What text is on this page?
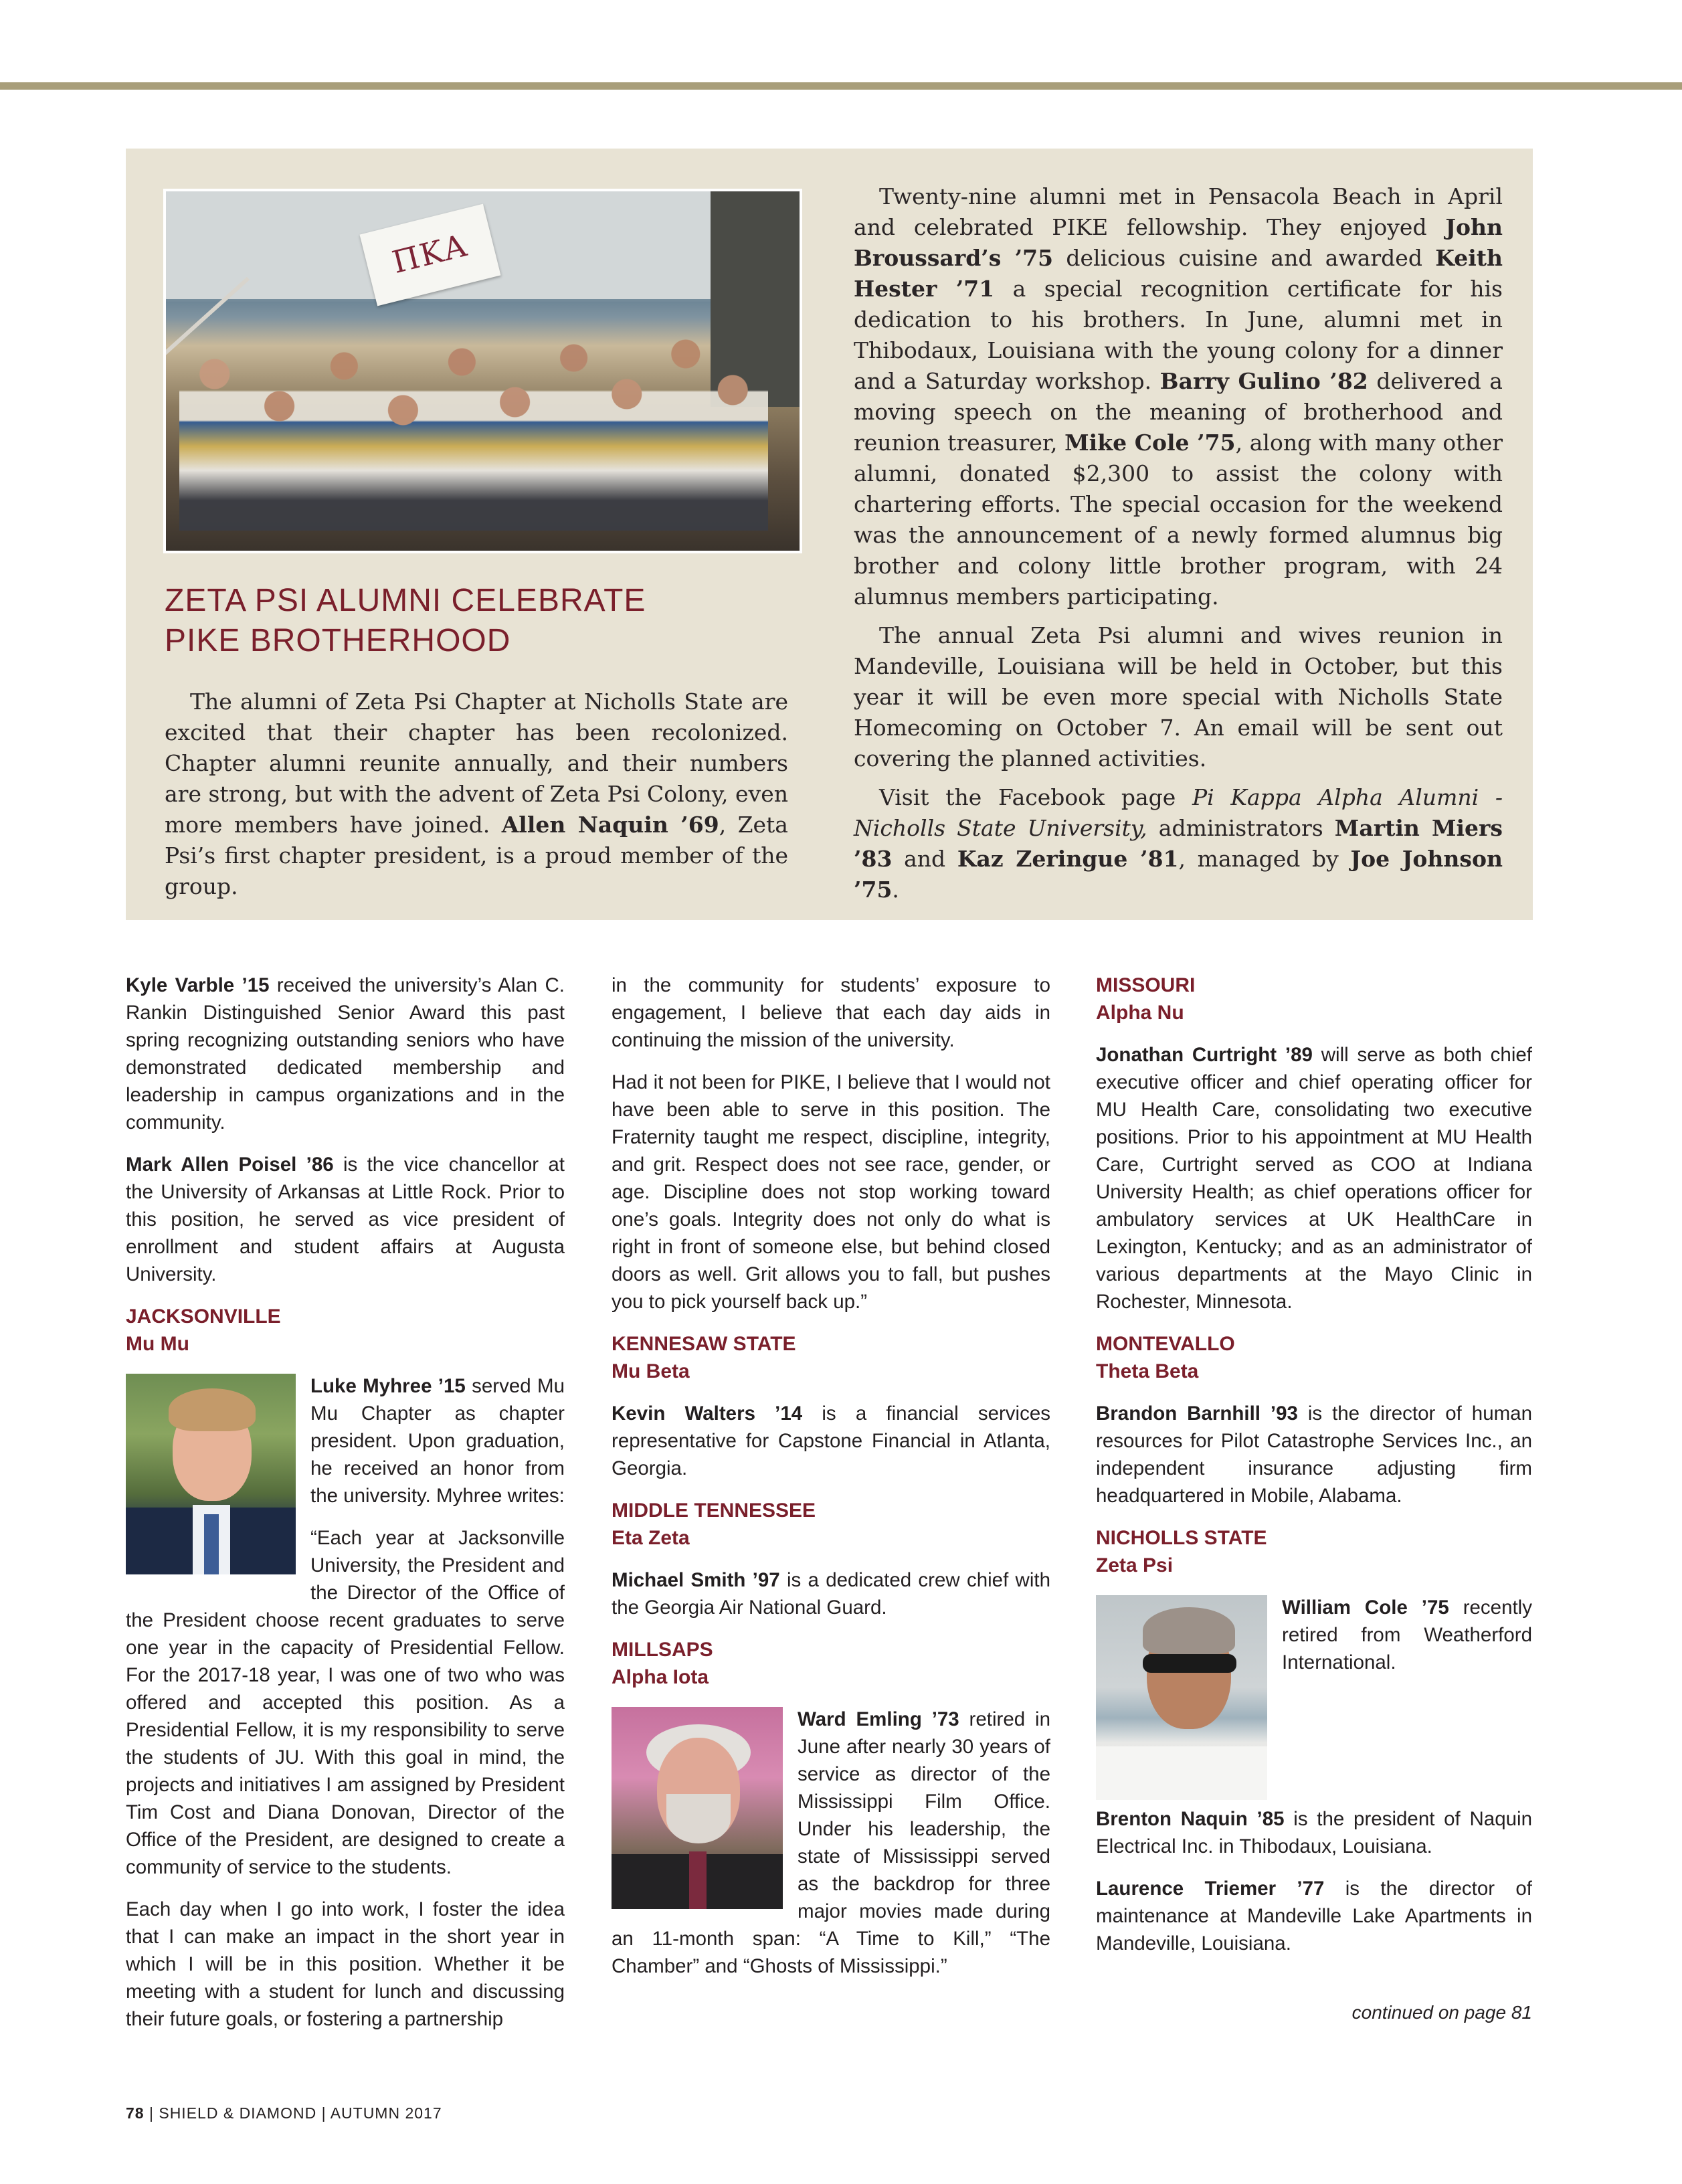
ΠΚΑ
ZETA PSI ALUMNI CELEBRATE
PIKE BROTHERHOOD

The alumni of Zeta Psi Chapter at Nicholls State are excited that their chapter has been recolonized. Chapter alumni reunite annually, and their numbers are strong, but with the advent of Zeta Psi Colony, even more members have joined. Allen Naquin ’69, Zeta Psi’s first chapter president, is a proud member of the group.

Twenty-nine alumni met in Pensacola Beach in April and celebrated PIKE fellowship. They enjoyed John Broussard’s ’75 delicious cuisine and awarded Keith Hester ’71 a special recognition certificate for his dedication to his brothers. In June, alumni met in Thibodaux, Louisiana with the young colony for a dinner and a Saturday workshop. Barry Gulino ’82 delivered a moving speech on the meaning of brotherhood and reunion treasurer, Mike Cole ’75, along with many other alumni, donated $2,300 to assist the colony with chartering efforts. The special occasion for the weekend was the announcement of a newly formed alumnus big brother and colony little brother program, with 24 alumnus members participating.

The annual Zeta Psi alumni and wives reunion in Mandeville, Louisiana will be held in October, but this year it will be even more special with Nicholls State Homecoming on October 7. An email will be sent out covering the planned activities.

Visit the Facebook page Pi Kappa Alpha Alumni - Nicholls State University, administrators Martin Miers ’83 and Kaz Zeringue ’81, managed by Joe Johnson ’75.

Kyle Varble ’15 received the university’s Alan C. Rankin Distinguished Senior Award this past spring recognizing outstanding seniors who have demonstrated dedicated membership and leadership in campus organizations and in the community.

Mark Allen Poisel ’86 is the vice chancellor at the University of Arkansas at Little Rock. Prior to this position, he served as vice president of enrollment and student affairs at Augusta University.

JACKSONVILLE
Mu Mu

Luke Myhree ’15 served Mu Mu Chapter as chapter president. Upon graduation, he received an honor from the university. Myhree writes:

“Each year at Jacksonville University, the President and the Director of the Office of the President choose recent graduates to serve one year in the capacity of Presidential Fellow. For the 2017-18 year, I was one of two who was offered and accepted this position. As a Presidential Fellow, it is my responsibility to serve the students of JU. With this goal in mind, the projects and initiatives I am assigned by President Tim Cost and Diana Donovan, Director of the Office of the President, are designed to create a community of service to the students.

Each day when I go into work, I foster the idea that I can make an impact in the short year in which I will be in this position. Whether it be meeting with a student for lunch and discussing their future goals, or fostering a partnership

in the community for students’ exposure to engagement, I believe that each day aids in continuing the mission of the university.

Had it not been for PIKE, I believe that I would not have been able to serve in this position. The Fraternity taught me respect, discipline, integrity, and grit. Respect does not see race, gender, or age. Discipline does not stop working toward one’s goals. Integrity does not only do what is right in front of someone else, but behind closed doors as well. Grit allows you to fall, but pushes you to pick yourself back up.”

KENNESAW STATE
Mu Beta

Kevin Walters ’14 is a financial services representative for Capstone Financial in Atlanta, Georgia.

MIDDLE TENNESSEE
Eta Zeta

Michael Smith ’97 is a dedicated crew chief with the Georgia Air National Guard.

MILLSAPS
Alpha Iota

Ward Emling ’73 retired in June after nearly 30 years of service as director of the Mississippi Film Office. Under his leadership, the state of Mississippi served as the backdrop for three major movies made during an 11-month span: “A Time to Kill,” “The Chamber” and “Ghosts of Mississippi.”

MISSOURI
Alpha Nu

Jonathan Curtright ’89 will serve as both chief executive officer and chief operating officer for MU Health Care, consolidating two executive positions. Prior to his appointment at MU Health Care, Curtright served as COO at Indiana University Health; as chief operations officer for ambulatory services at UK HealthCare in Lexington, Kentucky; and as an administrator of various departments at the Mayo Clinic in Rochester, Minnesota.

MONTEVALLO
Theta Beta

Brandon Barnhill ’93 is the director of human resources for Pilot Catastrophe Services Inc., an independent insurance adjusting firm headquartered in Mobile, Alabama.

NICHOLLS STATE
Zeta Psi

William Cole ’75 recently retired from Weatherford International.

Brenton Naquin ’85 is the president of Naquin Electrical Inc. in Thibodaux, Louisiana.

Laurence Triemer ’77 is the director of maintenance at Mandeville Lake Apartments in Mandeville, Louisiana.

continued on page 81
78 | SHIELD & DIAMOND | AUTUMN 2017
